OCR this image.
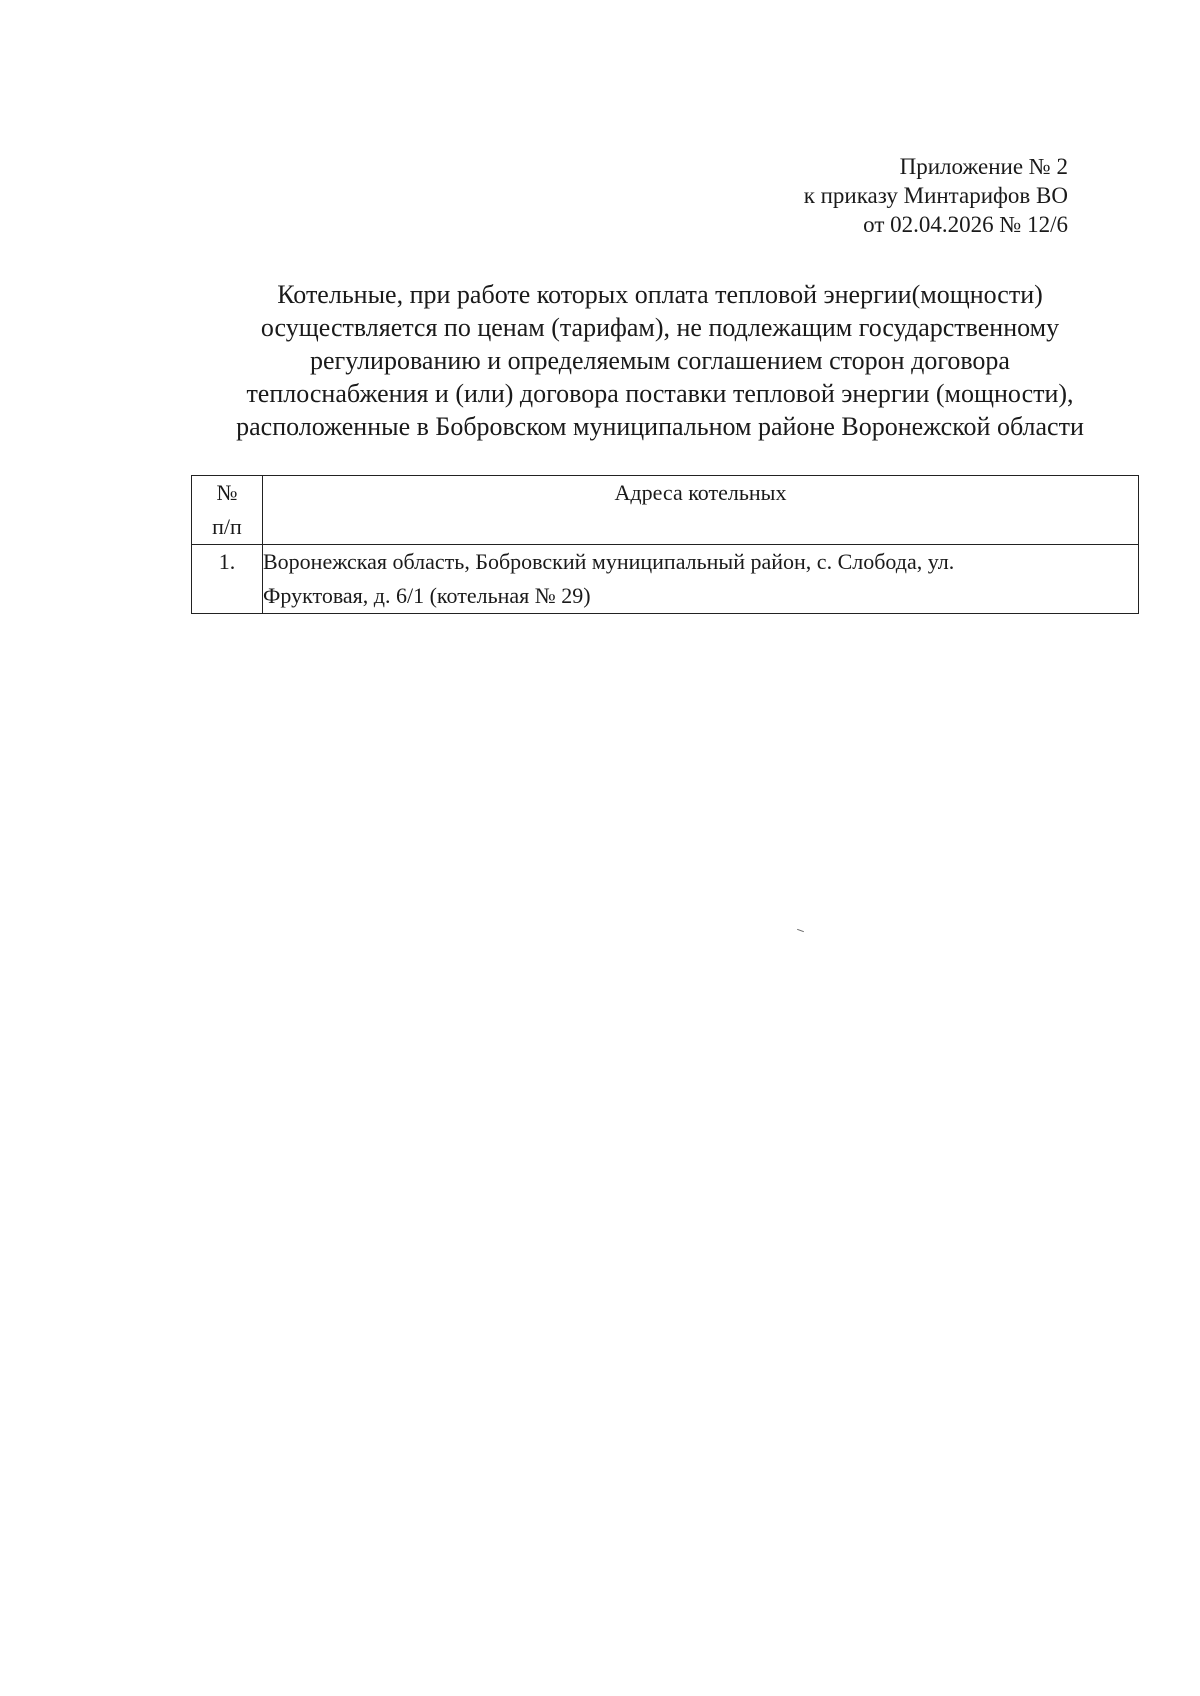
Приложение № 2
к приказу Минтарифов ВО
от 02.04.2026 № 12/6
Котельные, при работе которых оплата тепловой энергии(мощности)
осуществляется по ценам (тарифам), не подлежащим государственному
регулированию и определяемым соглашением сторон договора
теплоснабжения и (или) договора поставки тепловой энергии (мощности),
расположенные в Бобровском муниципальном районе Воронежской области
№
п/п	Адреса котельных
1.	Воронежская область, Бобровский муниципальный район, с. Слобода, ул.
Фруктовая, д. 6/1 (котельная № 29)
